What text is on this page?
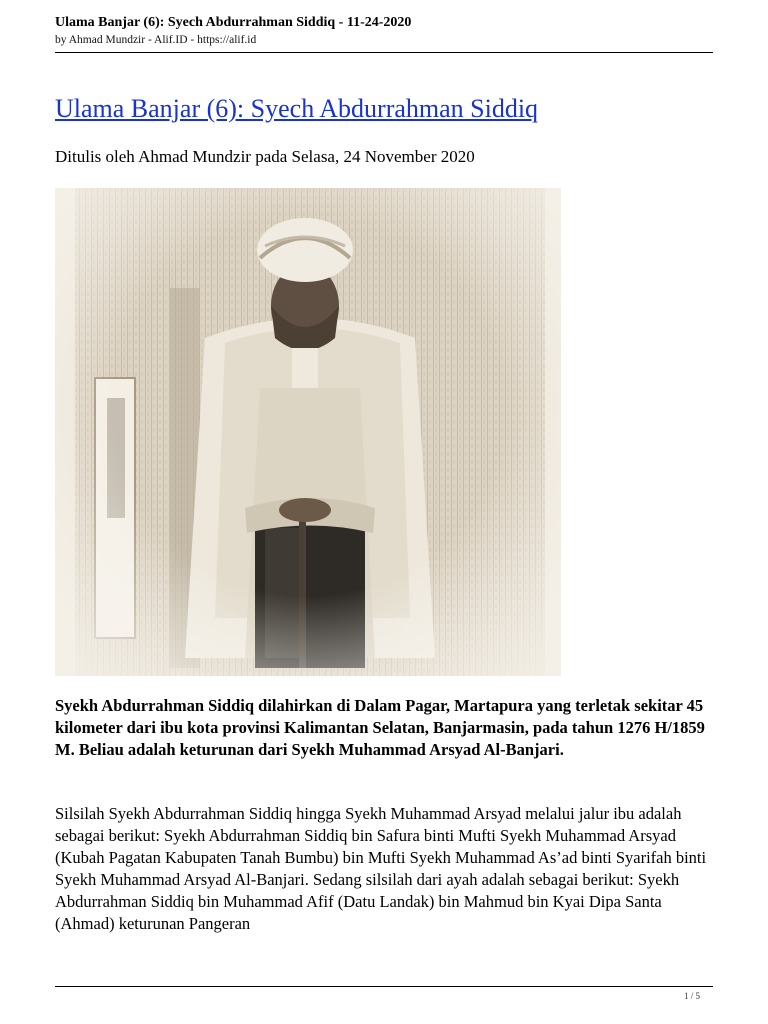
Ulama Banjar (6): Syech Abdurrahman Siddiq - 11-24-2020
by Ahmad Mundzir - Alif.ID - https://alif.id
Ulama Banjar (6): Syech Abdurrahman Siddiq
Ditulis oleh Ahmad Mundzir pada Selasa, 24 November 2020

Syekh Abdurrahman Siddiq dilahirkan di Dalam Pagar, Martapura yang terletak sekitar 45 kilometer dari ibu kota provinsi Kalimantan Selatan, Banjarmasin, pada tahun 1276 H/1859 M. Beliau adalah keturunan dari Syekh Muhammad Arsyad Al-Banjari.

Silsilah Syekh Abdurrahman Siddiq hingga Syekh Muhammad Arsyad melalui jalur ibu adalah sebagai berikut: Syekh Abdurrahman Siddiq bin Safura binti Mufti Syekh Muhammad Arsyad (Kubah Pagatan Kabupaten Tanah Bumbu) bin Mufti Syekh Muhammad As’ad binti Syarifah binti Syekh Muhammad Arsyad Al-Banjari. Sedang silsilah dari ayah adalah sebagai berikut: Syekh Abdurrahman Siddiq bin Muhammad Afif (Datu Landak) bin Mahmud bin Kyai Dipa Santa (Ahmad) keturunan Pangeran

1 / 5
